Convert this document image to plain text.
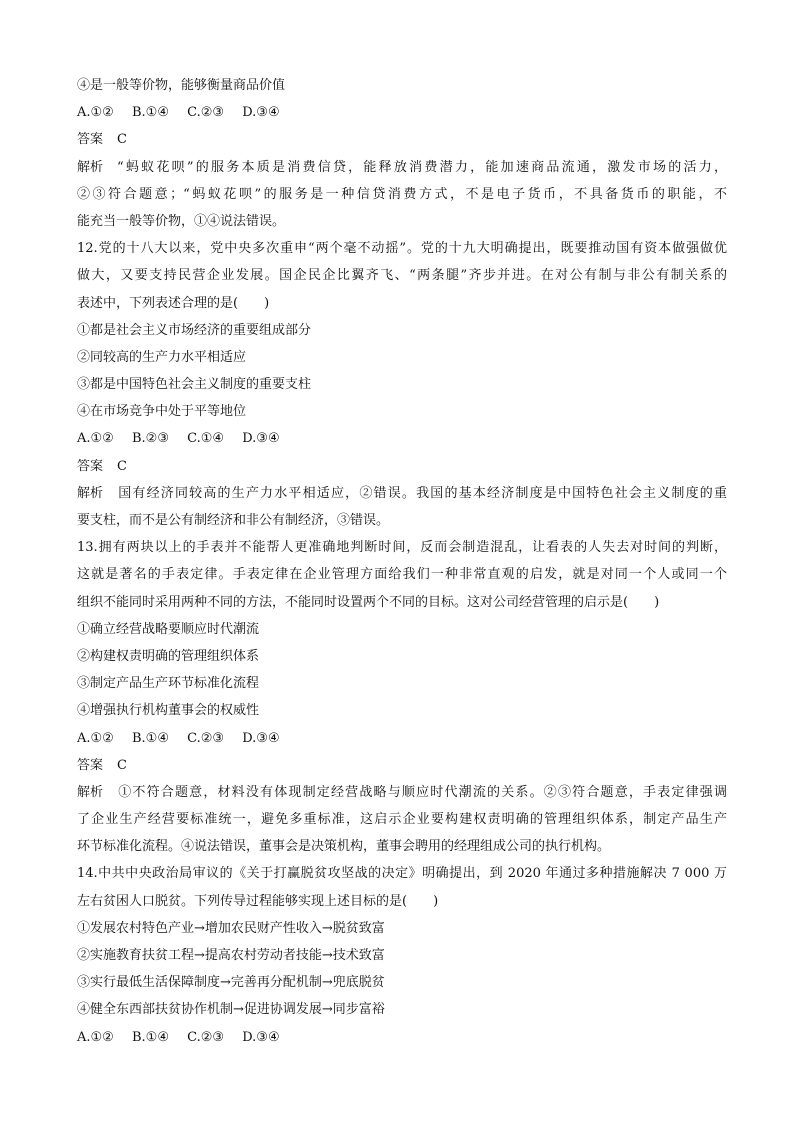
④是一般等价物，能够衡量商品价值
A.①② B.①④ C.②③ D.③④
答案 C
解析 “蚂蚁花呗”的服务本质是消费信贷，能释放消费潜力，能加速商品流通，激发市场的活力，
②③符合题意；“蚂蚁花呗”的服务是一种信贷消费方式，不是电子货币，不具备货币的职能，不
能充当一般等价物，①④说法错误。
12.党的十八大以来，党中央多次重申“两个毫不动摇”。党的十九大明确提出，既要推动国有资本做强做优
做大，又要支持民营企业发展。国企民企比翼齐飞、“两条腿”齐步并进。在对公有制与非公有制关系的
表述中，下列表述合理的是(　　)
①都是社会主义市场经济的重要组成部分
②同较高的生产力水平相适应
③都是中国特色社会主义制度的重要支柱
④在市场竞争中处于平等地位
A.①② B.②③ C.①④ D.③④
答案 C
解析 国有经济同较高的生产力水平相适应，②错误。我国的基本经济制度是中国特色社会主义制度的重
要支柱，而不是公有制经济和非公有制经济，③错误。
13.拥有两块以上的手表并不能帮人更准确地判断时间，反而会制造混乱，让看表的人失去对时间的判断，
这就是著名的手表定律。手表定律在企业管理方面给我们一种非常直观的启发，就是对同一个人或同一个
组织不能同时采用两种不同的方法，不能同时设置两个不同的目标。这对公司经营管理的启示是(　　)
①确立经营战略要顺应时代潮流
②构建权责明确的管理组织体系
③制定产品生产环节标准化流程
④增强执行机构董事会的权威性
A.①② B.①④ C.②③ D.③④
答案 C
解析 ①不符合题意，材料没有体现制定经营战略与顺应时代潮流的关系。②③符合题意，手表定律强调
了企业生产经营要标准统一，避免多重标准，这启示企业要构建权责明确的管理组织体系，制定产品生产
环节标准化流程。④说法错误，董事会是决策机构，董事会聘用的经理组成公司的执行机构。
14.中共中央政治局审议的《关于打赢脱贫攻坚战的决定》明确提出，到 2020 年通过多种措施解决 7 000 万
左右贫困人口脱贫。下列传导过程能够实现上述目标的是(　　)
①发展农村特色产业→增加农民财产性收入→脱贫致富
②实施教育扶贫工程→提高农村劳动者技能→技术致富
③实行最低生活保障制度→完善再分配机制→兜底脱贫
④健全东西部扶贫协作机制→促进协调发展→同步富裕
A.①② B.①④ C.②③ D.③④
